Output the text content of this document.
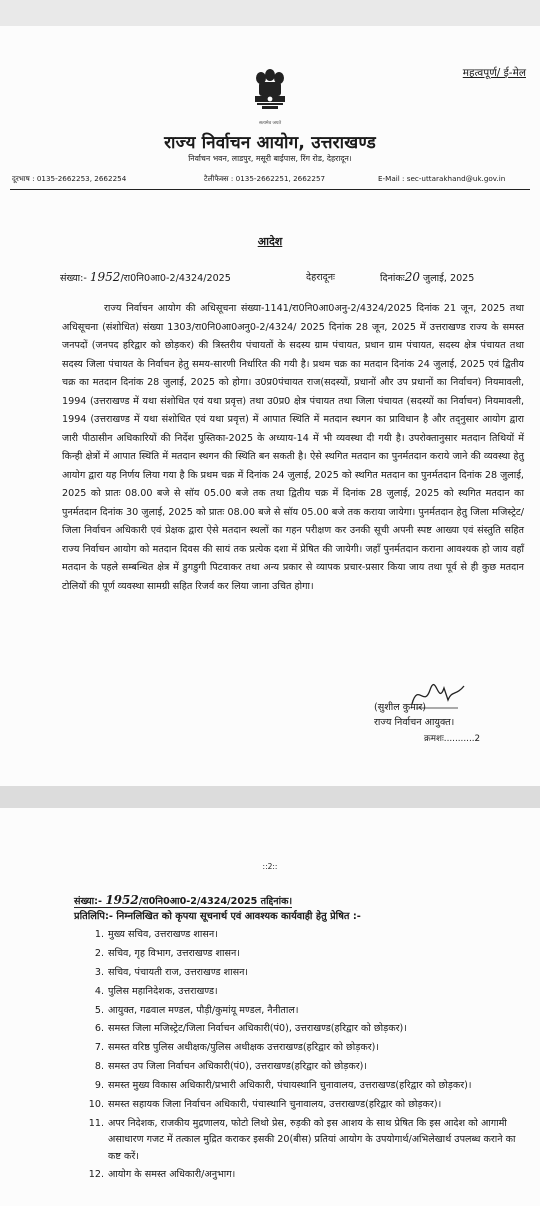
महत्वपूर्ण/ ई-मेल
सत्यमेव जयते
राज्य निर्वाचन आयोग, उत्तराखण्ड
निर्वाचन भवन, लाडपुर, मसूरी बाईपास, रिंग रोड, देहरादून।
दूरभाष : 0135-2662253, 2662254	टैलीफैक्स : 0135-2662251, 2662257	E-Mail : sec-uttarakhand@uk.gov.in
आदेश
संख्या:- 1952/रा0नि0आ0-2/4324/2025	देहरादूनः	दिनांकः20 जुलाई, 2025
राज्य निर्वाचन आयोग की अधिसूचना संख्या-1141/रा0नि0आ0अनु-2/4324/2025 दिनांक 21 जून, 2025 तथा अधिसूचना (संशोधित) संख्या 1303/रा0नि0आ0अनु0-2/4324/ 2025 दिनांक 28 जून, 2025 में उत्तराखण्ड राज्य के समस्त जनपदों (जनपद हरिद्वार को छोड़कर) की त्रिस्तरीय पंचायतों के सदस्य ग्राम पंचायत, प्रधान ग्राम पंचायत, सदस्य क्षेत्र पंचायत तथा सदस्य जिला पंचायत के निर्वाचन हेतु समय-सारणी निर्धारित की गयी है। प्रथम चक्र का मतदान दिनांक 24 जुलाई, 2025 एवं द्वितीय चक्र का मतदान दिनांक 28 जुलाई, 2025 को होगा। उ0प्र0पंचायत राज(सदस्यों, प्रधानों और उप प्रधानों का निर्वाचन) नियमावली, 1994 (उत्तराखण्ड में यथा संशोधित एवं यथा प्रवृत्त) तथा उ0प्र0 क्षेत्र पंचायत तथा जिला पंचायत (सदस्यों का निर्वाचन) नियमावली, 1994 (उत्तराखण्ड में यथा संशोधित एवं यथा प्रवृत्त) में आपात स्थिति में मतदान स्थगन का प्राविधान है और तद्नुसार आयोग द्वारा जारी पीठासीन अधिकारियों की निर्देश पुस्तिका-2025 के अध्याय-14 में भी व्यवस्था दी गयी है। उपरोक्तानुसार मतदान तिथियों में किन्ही क्षेत्रों में आपात स्थिति में मतदान स्थगन की स्थिति बन सकती है। ऐसे स्थगित मतदान का पुनर्मतदान कराये जाने की व्यवस्था हेतु आयोग द्वारा यह निर्णय लिया गया है कि प्रथम चक्र में दिनांक 24 जुलाई, 2025 को स्थगित मतदान का पुनर्मतदान दिनांक 28 जुलाई, 2025 को प्रातः 08.00 बजे से सॉय 05.00 बजे तक तथा द्वितीय चक्र में दिनांक 28 जुलाई, 2025 को स्थगित मतदान का पुनर्मतदान दिनांक 30 जुलाई, 2025 को प्रातः 08.00 बजे से सॉय 05.00 बजे तक कराया जायेगा। पुनर्मतदान हेतु जिला मजिस्ट्रेट/जिला निर्वाचन अधिकारी एवं प्रेक्षक द्वारा ऐसे मतदान स्थलों का गहन परीक्षण कर उनकी सूची अपनी स्पष्ट आख्या एवं संस्तुति सहित राज्य निर्वाचन आयोग को मतदान दिवस की सायं तक प्रत्येक दशा में प्रेषित की जायेगी। जहाँ पुनर्मतदान कराना आवश्यक हो जाय वहाँ मतदान के पहले सम्बन्धित क्षेत्र में डुगडुगी पिटवाकर तथा अन्य प्रकार से व्यापक प्रचार-प्रसार किया जाय तथा पूर्व से ही कुछ मतदान टोलियों की पूर्ण व्यवस्था सामग्री सहित रिजर्व कर लिया जाना उचित होगा।
(सुशील कुमार)
राज्य निर्वाचन आयुक्त।
क्रमशः...........2
::2::
संख्या:- 1952/रा0नि0आ0-2/4324/2025 तद्दिनांक।
प्रतिलिपि:- निम्नलिखित को कृपया सूचनार्थ एवं आवश्यक कार्यवाही हेतु प्रेषित :-
1. मुख्य सचिव, उत्तराखण्ड शासन।
2. सचिव, गृह विभाग, उत्तराखण्ड शासन।
3. सचिव, पंचायती राज, उत्तराखण्ड शासन।
4. पुलिस महानिदेशक, उत्तराखण्ड।
5. आयुक्त, गढवाल मण्डल, पौड़ी/कुमांयू मण्डल, नैनीताल।
6. समस्त जिला मजिस्ट्रेट/जिला निर्वाचन अधिकारी(पं0), उत्तराखण्ड(हरिद्वार को छोड़कर)।
7. समस्त वरिष्ठ पुलिस अधीक्षक/पुलिस अधीक्षक उत्तराखण्ड(हरिद्वार को छोड़कर)।
8. समस्त उप जिला निर्वाचन अधिकारी(पं0), उत्तराखण्ड(हरिद्वार को छोड़कर)।
9. समस्त मुख्य विकास अधिकारी/प्रभारी अधिकारी, पंचायस्थानि चुनावालय, उत्तराखण्ड(हरिद्वार को छोड़कर)।
10. समस्त सहायक जिला निर्वाचन अधिकारी, पंचास्थानि चुनावालय, उत्तराखण्ड(हरिद्वार को छोड़कर)।
11. अपर निदेशक, राजकीय मुद्रणालय, फोटो लिथो प्रेस, रुड़की को इस आशय के साथ प्रेषित कि इस आदेश को आगामी असाधारण गजट में तत्काल मुद्रित कराकर इसकी 20(बीस) प्रतियां आयोग के उपयोगार्थ/अभिलेखार्थ उपलब्ध कराने का कष्ट करें।
12. आयोग के समस्त अधिकारी/अनुभाग।
